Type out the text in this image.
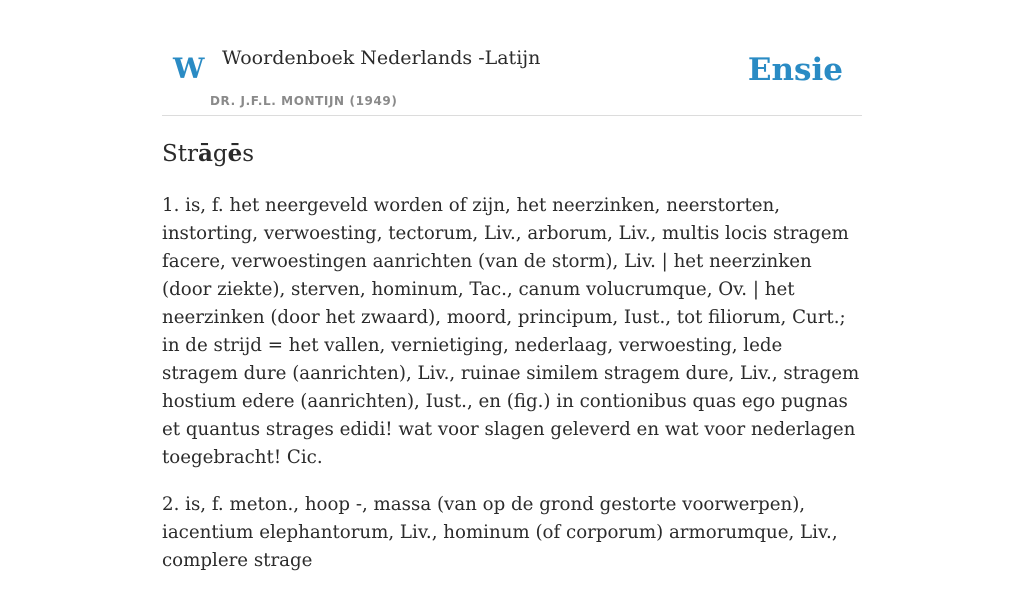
W Woordenboek Nederlands -Latijn
DR. J.F.L. MONTIJN (1949)
Ensie
Strāgēs

1. is, f. het neergeveld worden of zijn, het neerzinken, neerstorten, instorting, verwoesting, tectorum, Liv., arborum, Liv., multis locis stragem facere, verwoestingen aanrichten (van de storm), Liv. | het neerzinken (door ziekte), sterven, hominum, Tac., canum volucrumque, Ov. | het neerzinken (door het zwaard), moord, principum, Iust., tot filiorum, Curt.; in de strijd = het vallen, vernietiging, nederlaag, verwoesting, lede stragem dure (aanrichten), Liv., ruinae similem stragem dure, Liv., stragem hostium edere (aanrichten), Iust., en (fig.) in contionibus quas ego pugnas et quantus strages edidi! wat voor slagen geleverd en wat voor nederlagen toegebracht! Cic.

2. is, f. meton., hoop -, massa (van op de grond gestorte voorwerpen), iacentium elephantorum, Liv., hominum (of corporum) armorumque, Liv., complere strage
